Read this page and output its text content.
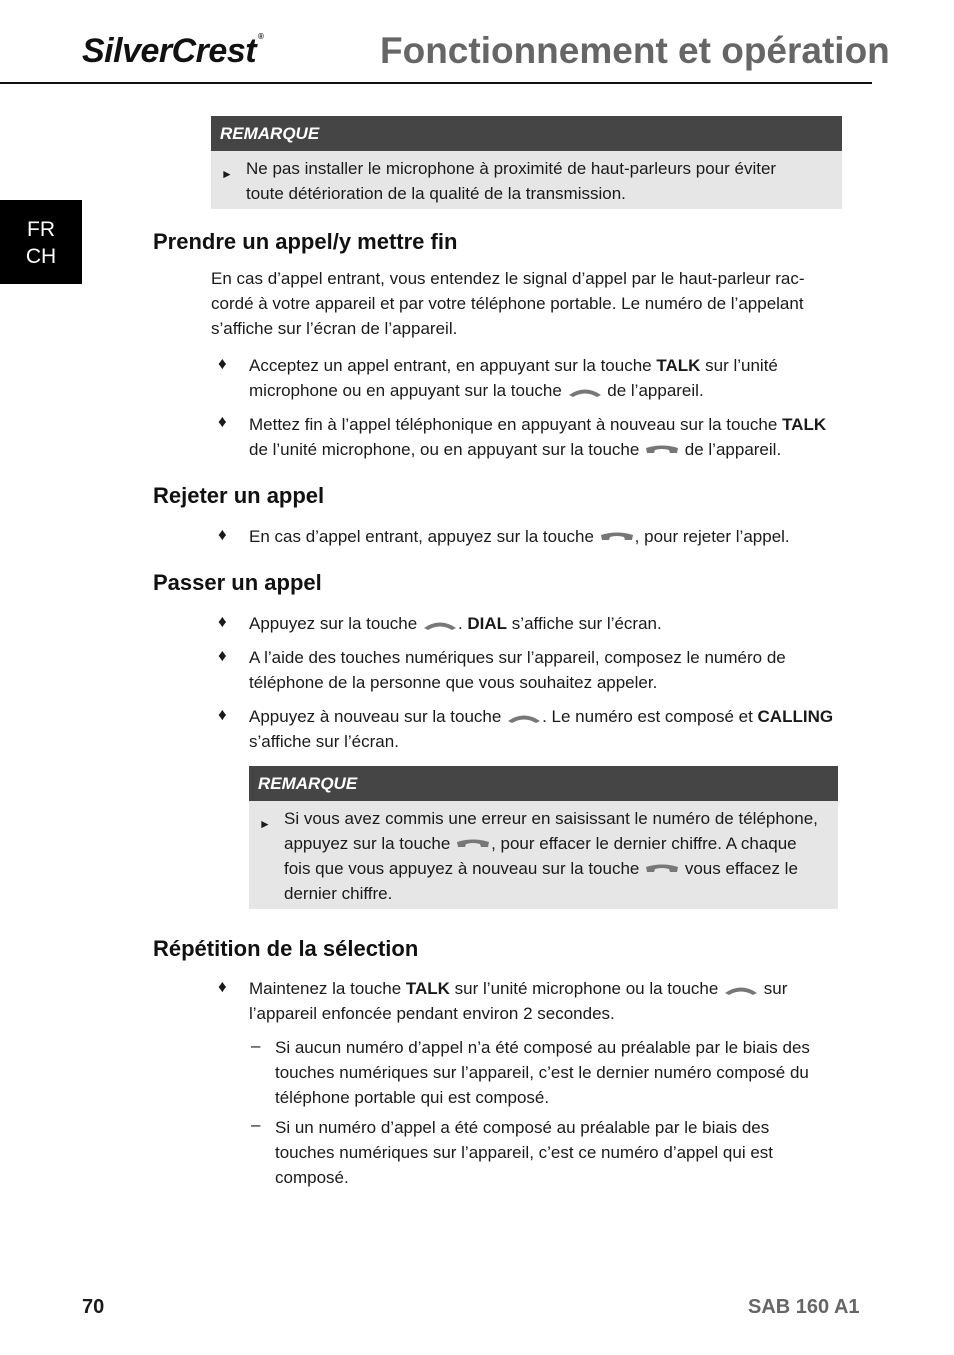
SilverCrest ®	Fonctionnement et opération
FR
CH
REMARQUE
► Ne pas installer le microphone à proximité de haut-parleurs pour éviter
toute détérioration de la qualité de la transmission.
Prendre un appel/y mettre fin
En cas d’appel entrant, vous entendez le signal d’appel par le haut-parleur rac-
cordé à votre appareil et par votre téléphone portable. Le numéro de l’appelant
s’affiche sur l’écran de l’appareil.
♦ Acceptez un appel entrant, en appuyant sur la touche TALK sur l’unité
microphone ou en appuyant sur la touche
de l’appareil.
♦ Mettez fin à l’appel téléphonique en appuyant à nouveau sur la touche TALK
de l’unité microphone, ou en appuyant sur la touche
de l’appareil.
Rejeter un appel
♦ En cas d’appel entrant, appuyez sur la touche
, pour rejeter l’appel.
Passer un appel
♦ Appuyez sur la touche
. DIAL s’affiche sur l’écran.
♦ A l’aide des touches numériques sur l’appareil, composez le numéro de
téléphone de la personne que vous souhaitez appeler.
♦ Appuyez à nouveau sur la touche
. Le numéro est composé et CALLING
s’affiche sur l’écran.
REMARQUE
► Si vous avez commis une erreur en saisissant le numéro de téléphone,
appuyez sur la touche
, pour effacer le dernier chiffre. A chaque
fois que vous appuyez à nouveau sur la touche
vous effacez le
dernier chiffre.
Répétition de la sélection
♦ Maintenez la touche TALK sur l’unité microphone ou la touche
sur
l’appareil enfoncée pendant environ 2 secondes.
– Si aucun numéro d’appel n’a été composé au préalable par le biais des
touches numériques sur l’appareil, c’est le dernier numéro composé du
téléphone portable qui est composé.
– Si un numéro d’appel a été composé au préalable par le biais des
touches numériques sur l’appareil, c’est ce numéro d’appel qui est
composé.
70	SAB 160 A1
